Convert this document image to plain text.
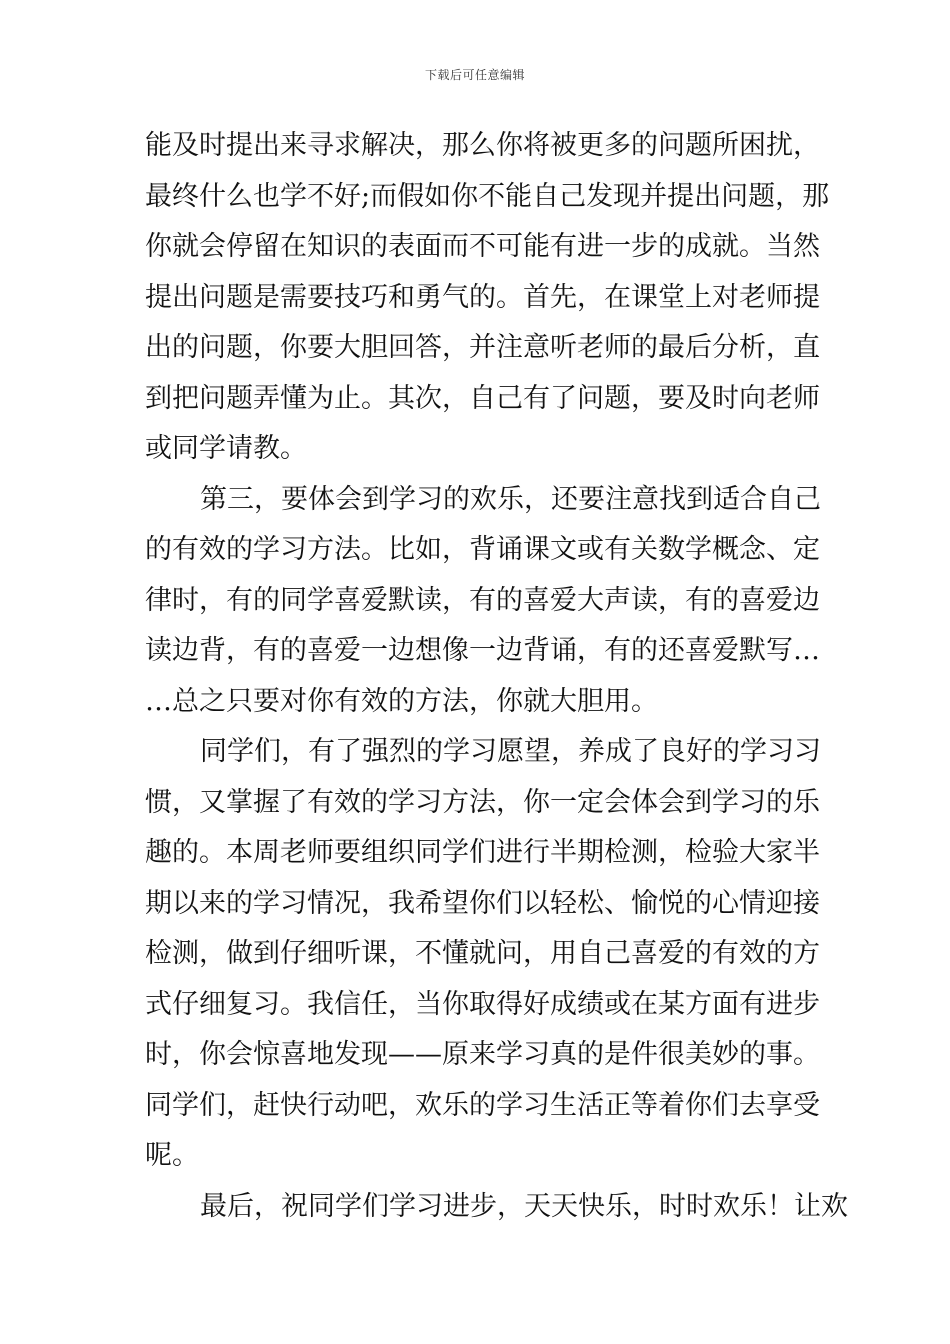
下载后可任意编辑
能及时提出来寻求解决，那么你将被更多的问题所困扰，
最终什么也学不好;而假如你不能自己发现并提出问题，那
你就会停留在知识的表面而不可能有进一步的成就。当然
提出问题是需要技巧和勇气的。首先，在课堂上对老师提
出的问题，你要大胆回答，并注意听老师的最后分析，直
到把问题弄懂为止。其次，自己有了问题，要及时向老师
或同学请教。
第三，要体会到学习的欢乐，还要注意找到适合自己
的有效的学习方法。比如，背诵课文或有关数学概念、定
律时，有的同学喜爱默读，有的喜爱大声读，有的喜爱边
读边背，有的喜爱一边想像一边背诵，有的还喜爱默写…
…总之只要对你有效的方法，你就大胆用。
同学们，有了强烈的学习愿望，养成了良好的学习习
惯，又掌握了有效的学习方法，你一定会体会到学习的乐
趣的。本周老师要组织同学们进行半期检测，检验大家半
期以来的学习情况，我希望你们以轻松、愉悦的心情迎接
检测，做到仔细听课，不懂就问，用自己喜爱的有效的方
式仔细复习。我信任，当你取得好成绩或在某方面有进步
时，你会惊喜地发现——原来学习真的是件很美妙的事。
同学们，赶快行动吧，欢乐的学习生活正等着你们去享受
呢。
最后，祝同学们学习进步，天天快乐，时时欢乐！让欢
